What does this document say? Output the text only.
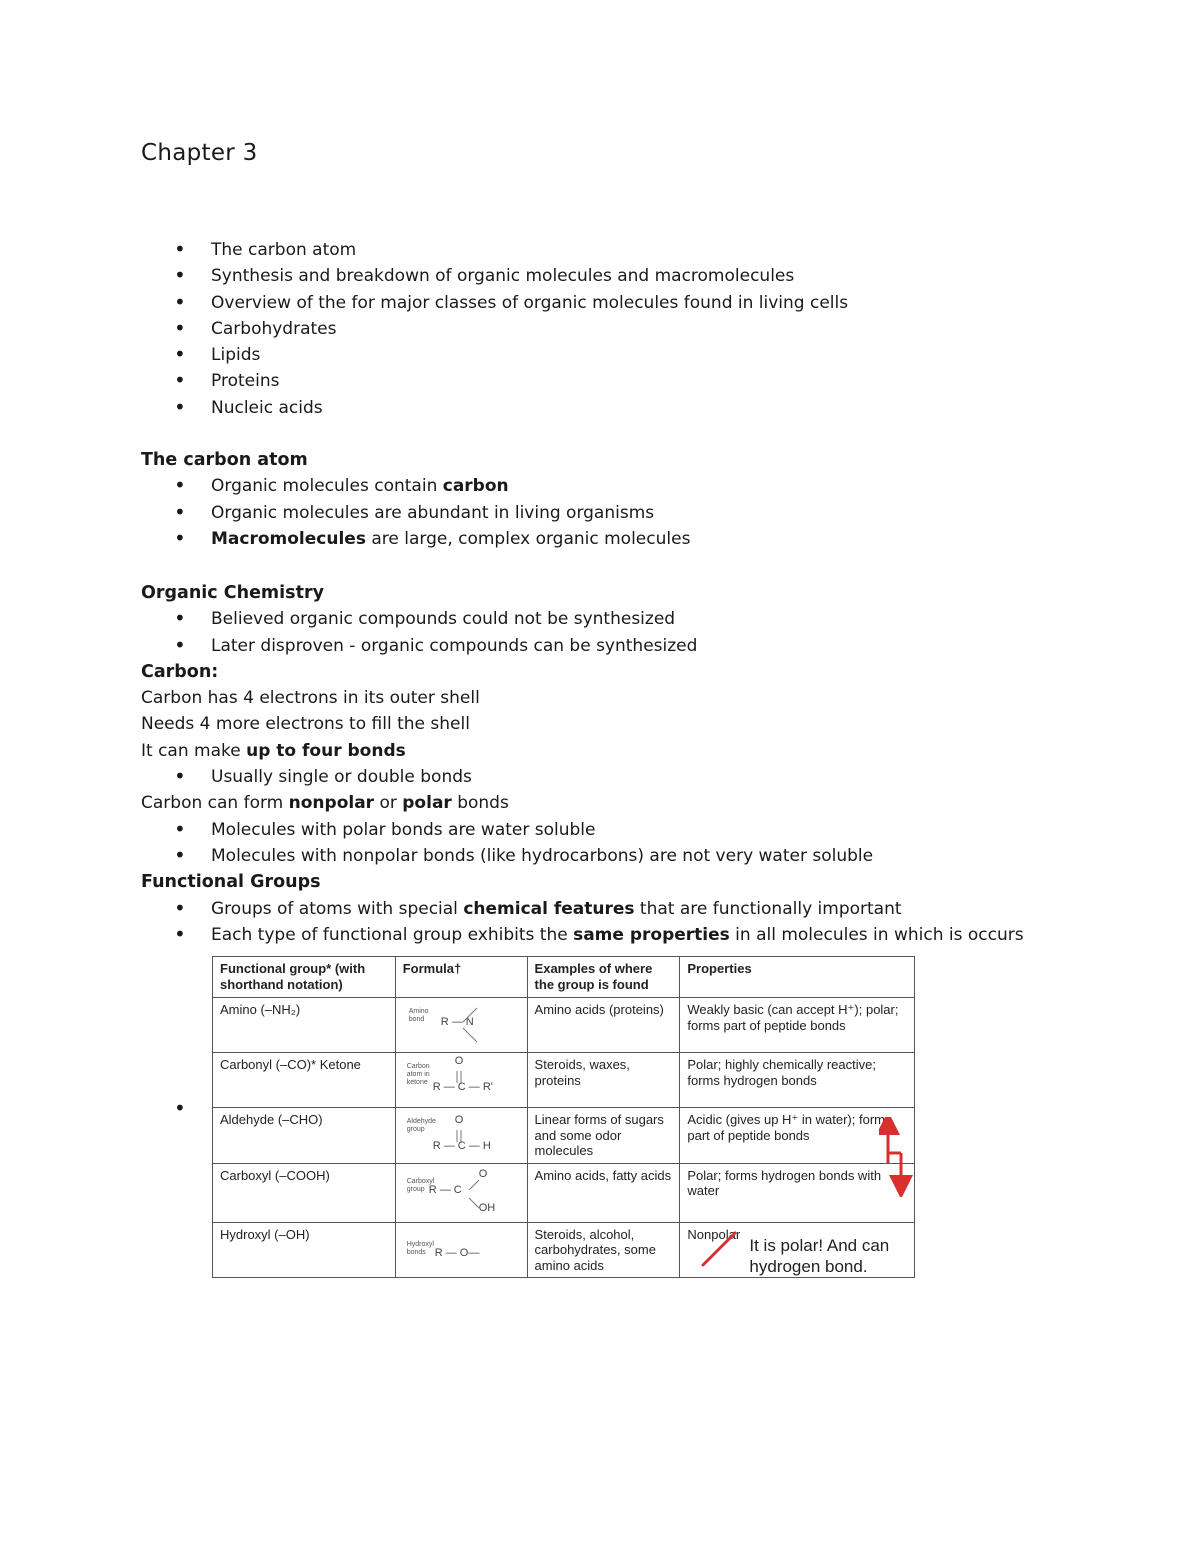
Chapter 3
• The carbon atom
• Synthesis and breakdown of organic molecules and macromolecules
• Overview of the for major classes of organic molecules found in living cells
• Carbohydrates
• Lipids
• Proteins
• Nucleic acids
The carbon atom
• Organic molecules contain carbon
• Organic molecules are abundant in living organisms
• Macromolecules are large, complex organic molecules
Organic Chemistry
• Believed organic compounds could not be synthesized
• Later disproven - organic compounds can be synthesized
Carbon:
Carbon has 4 electrons in its outer shell
Needs 4 more electrons to fill the shell
It can make up to four bonds
• Usually single or double bonds
Carbon can form nonpolar or polar bonds
• Molecules with polar bonds are water soluble
• Molecules with nonpolar bonds (like hydrocarbons) are not very water soluble
Functional Groups
• Groups of atoms with special chemical features that are functionally important
• Each type of functional group exhibits the same properties in all molecules in which is occurs
•
Functional group* (with shorthand notation)	Formula†	Examples of where the group is found	Properties
Amino (–NH₂)	Amino bond R — N	Amino acids (proteins)	Weakly basic (can accept H⁺); polar; forms part of peptide bonds
Carbonyl (–CO)* Ketone	Carbon atom in ketone
O
R — C — R'	Steroids, waxes, proteins	Polar; highly chemically reactive; forms hydrogen bonds
Aldehyde (–CHO)	Aldehyde group
O
R — C — H	Linear forms of sugars and some odor molecules	Acidic (gives up H⁺ in water); forms part of peptide bonds
Carboxyl (–COOH)	Carboxyl group
O
R — C
OH	Amino acids, fatty acids	Polar; forms hydrogen bonds with water
Hydroxyl (–OH)	Hydroxyl bonds R — O—	Steroids, alcohol, carbohydrates, some amino acids	Nonpolar
It is polar! And can hydrogen bond.
